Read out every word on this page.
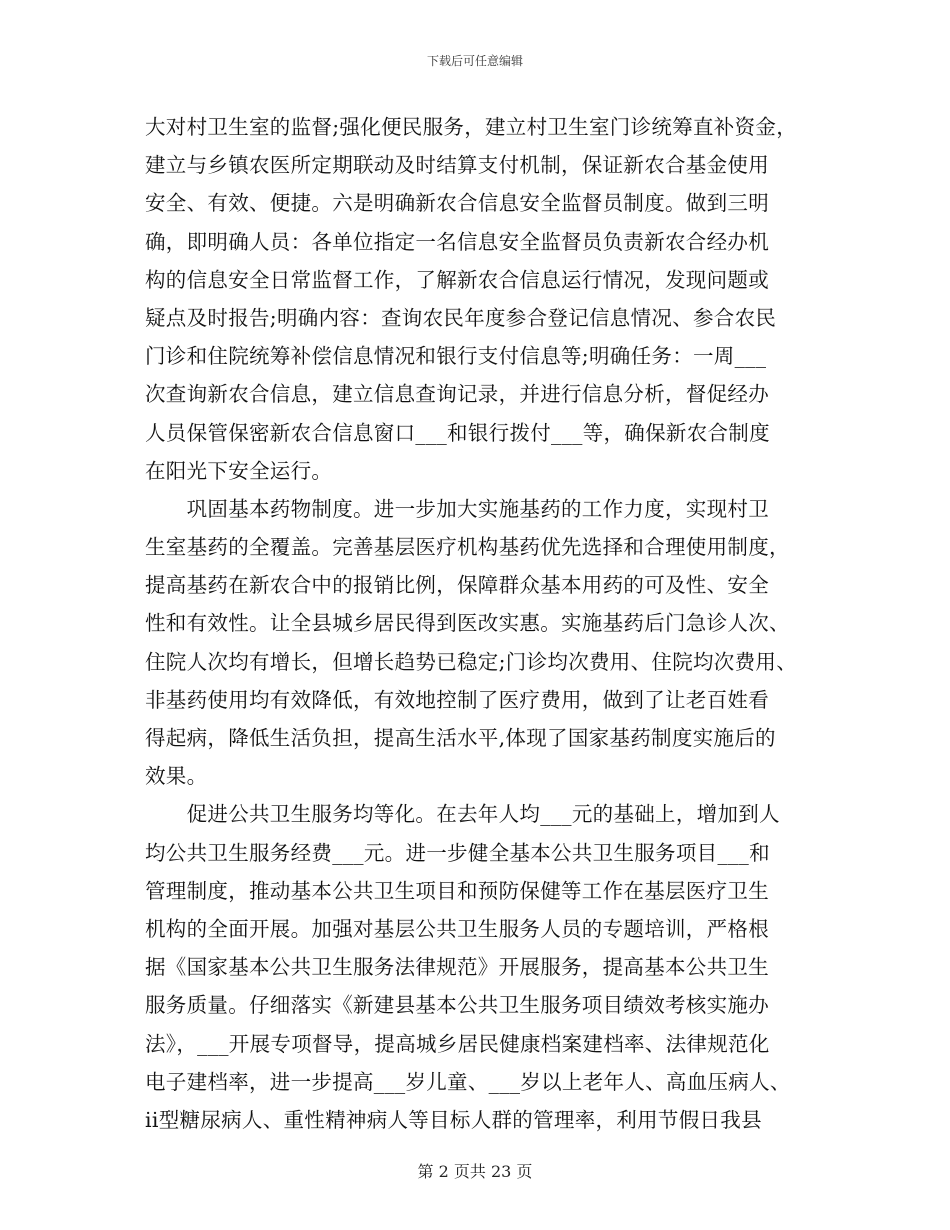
下载后可任意编辑
大对村卫生室的监督;强化便民服务，建立村卫生室门诊统筹直补资金，
建立与乡镇农医所定期联动及时结算支付机制，保证新农合基金使用
安全、有效、便捷。六是明确新农合信息安全监督员制度。做到三明
确，即明确人员：各单位指定一名信息安全监督员负责新农合经办机
构的信息安全日常监督工作，了解新农合信息运行情况，发现问题或
疑点及时报告;明确内容：查询农民年度参合登记信息情况、参合农民
门诊和住院统筹补偿信息情况和银行支付信息等;明确任务：一周___
次查询新农合信息，建立信息查询记录，并进行信息分析，督促经办
人员保管保密新农合信息窗口___和银行拨付___等，确保新农合制度
在阳光下安全运行。
　　巩固基本药物制度。进一步加大实施基药的工作力度，实现村卫
生室基药的全覆盖。完善基层医疗机构基药优先选择和合理使用制度，
提高基药在新农合中的报销比例，保障群众基本用药的可及性、安全
性和有效性。让全县城乡居民得到医改实惠。实施基药后门急诊人次、
住院人次均有增长，但增长趋势已稳定;门诊均次费用、住院均次费用、
非基药使用均有效降低，有效地控制了医疗费用，做到了让老百姓看
得起病，降低生活负担，提高生活水平,体现了国家基药制度实施后的
效果。
　　促进公共卫生服务均等化。在去年人均___元的基础上，增加到人
均公共卫生服务经费___元。进一步健全基本公共卫生服务项目___和
管理制度，推动基本公共卫生项目和预防保健等工作在基层医疗卫生
机构的全面开展。加强对基层公共卫生服务人员的专题培训，严格根
据《国家基本公共卫生服务法律规范》开展服务，提高基本公共卫生
服务质量。仔细落实《新建县基本公共卫生服务项目绩效考核实施办
法》，___开展专项督导，提高城乡居民健康档案建档率、法律规范化
电子建档率，进一步提高___岁儿童、___岁以上老年人、高血压病人、
ii型糖尿病人、重性精神病人等目标人群的管理率，利用节假日我县
第 2 页共 23 页
